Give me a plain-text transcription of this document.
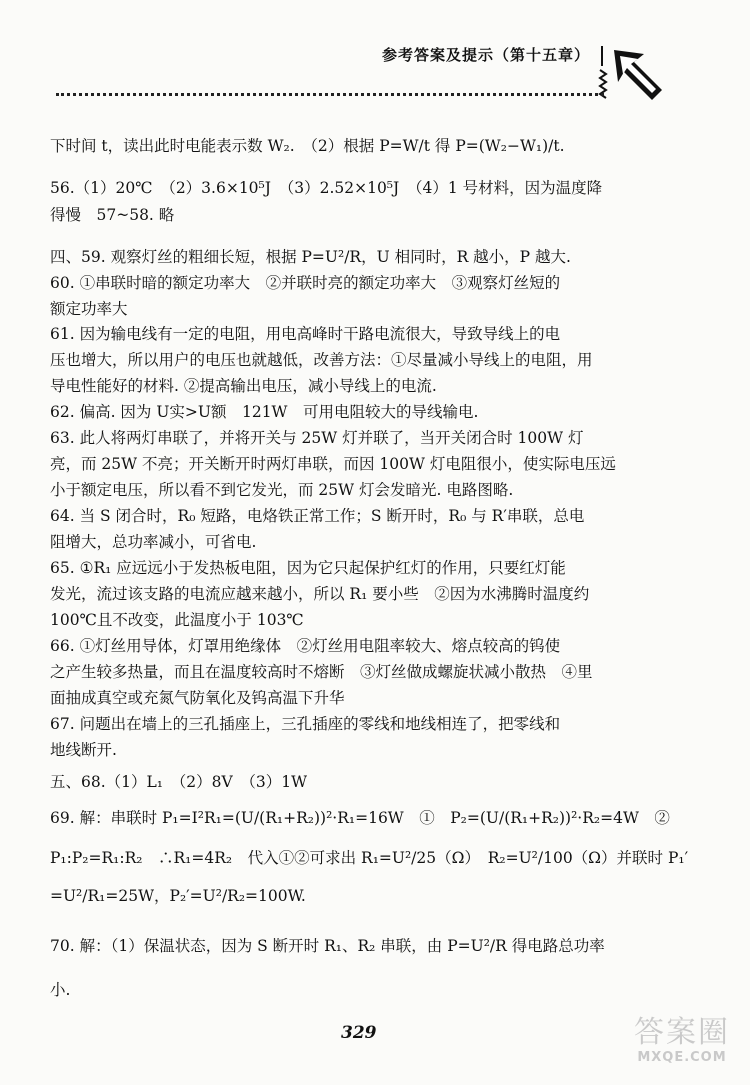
参考答案及提示（第十五章）
下时间 t，读出此时电能表示数 W₂.　（2）根据 P=W/t 得 P=(W₂−W₁)/t.
56.（1）20℃　（2）3.6×10⁵J　（3）2.52×10⁵J　（4）1 号材料，因为温度降
得慢　57~58. 略
四、59. 观察灯丝的粗细长短，根据 P=U²/R，U 相同时，R 越小，P 越大.
60. ①串联时暗的额定功率大　②并联时亮的额定功率大　③观察灯丝短的
额定功率大
61. 因为输电线有一定的电阻，用电高峰时干路电流很大，导致导线上的电
压也增大，所以用户的电压也就越低，改善方法：①尽量减小导线上的电阻，用
导电性能好的材料. ②提高输出电压，减小导线上的电流.
62. 偏高. 因为 U实>U额　121W　可用电阻较大的导线输电.
63. 此人将两灯串联了，并将开关与 25W 灯并联了，当开关闭合时 100W 灯
亮，而 25W 不亮；开关断开时两灯串联，而因 100W 灯电阻很小，使实际电压远
小于额定电压，所以看不到它发光，而 25W 灯会发暗光. 电路图略.
64. 当 S 闭合时，R₀ 短路，电烙铁正常工作；S 断开时，R₀ 与 R′串联，总电
阻增大，总功率减小，可省电.
65. ①R₁ 应远远小于发热板电阻，因为它只起保护红灯的作用，只要红灯能
发光，流过该支路的电流应越来越小，所以 R₁ 要小些　②因为水沸腾时温度约
100℃且不改变，此温度小于 103℃
66. ①灯丝用导体，灯罩用绝缘体　②灯丝用电阻率较大、熔点较高的钨使
之产生较多热量，而且在温度较高时不熔断　③灯丝做成螺旋状减小散热　④里
面抽成真空或充氮气防氧化及钨高温下升华
67. 问题出在墙上的三孔插座上，三孔插座的零线和地线相连了，把零线和
地线断开.
五、68.（1）L₁　（2）8V　（3）1W
69. 解：串联时 P₁=I²R₁=(U/(R₁+R₂))²·R₁=16W　①　P₂=(U/(R₁+R₂))²·R₂=4W　②
P₁:P₂=R₁:R₂　∴R₁=4R₂　代入①②可求出 R₁=U²/25（Ω）　R₂=U²/100（Ω）并联时 P₁′
=U²/R₁=25W，P₂′=U²/R₂=100W.
70. 解：（1）保温状态，因为 S 断开时 R₁、R₂ 串联，由 P=U²/R 得电路总功率
小.
329	答案圈
MXQE.COM
